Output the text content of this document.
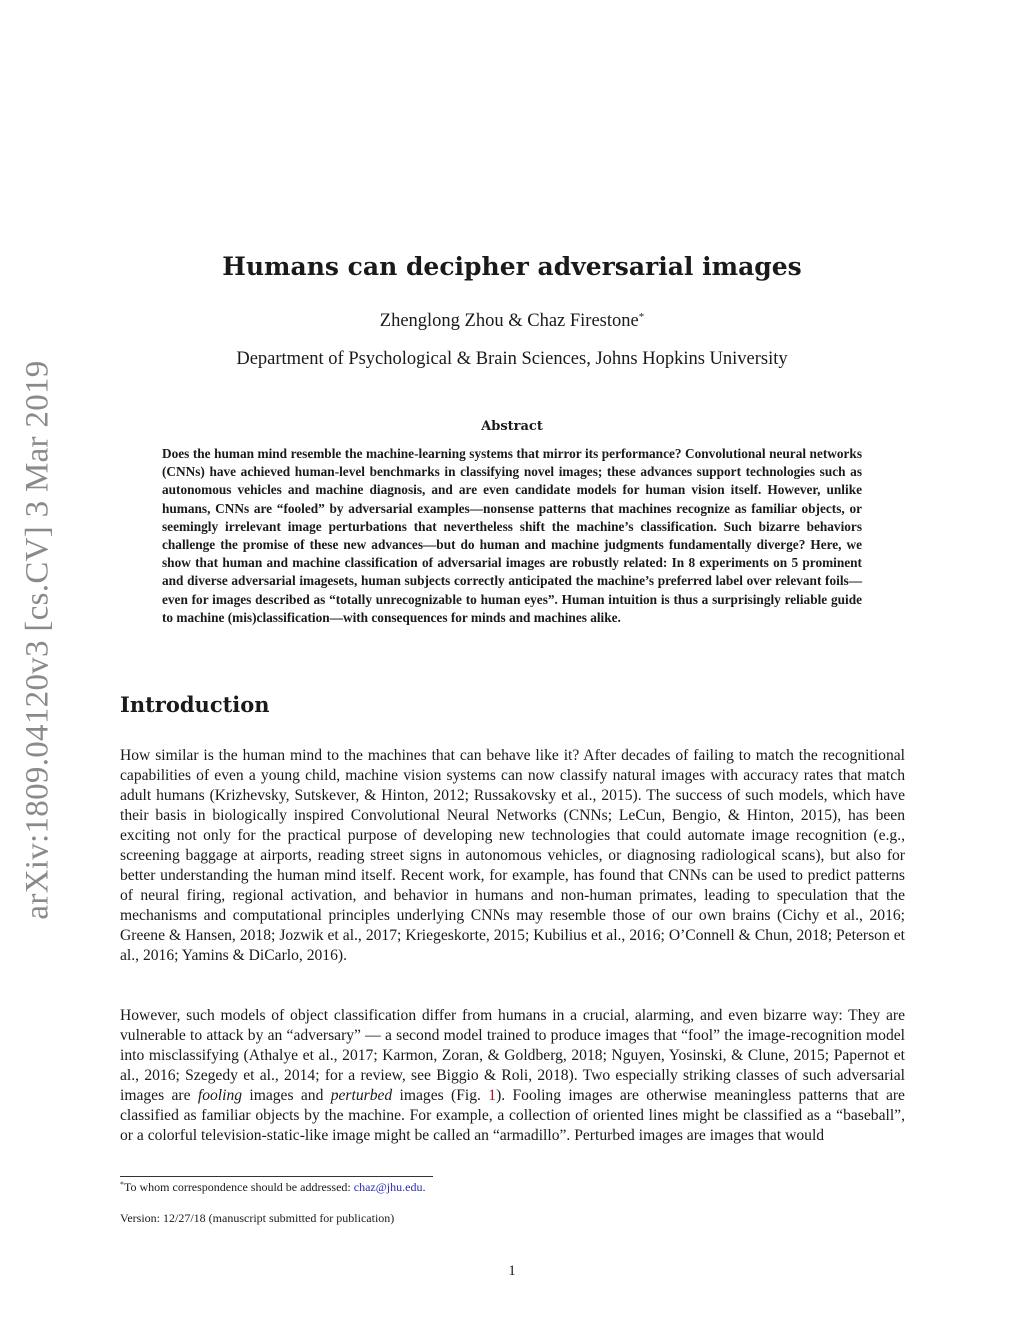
arXiv:1809.04120v3 [cs.CV] 3 Mar 2019
Humans can decipher adversarial images

Zhenglong Zhou & Chaz Firestone*

Department of Psychological & Brain Sciences, Johns Hopkins University

Abstract

Does the human mind resemble the machine-learning systems that mirror its performance? Convolutional neural networks (CNNs) have achieved human-level benchmarks in classifying novel images; these advances support technologies such as autonomous vehicles and machine diagnosis, and are even candidate models for human vision itself. However, unlike humans, CNNs are “fooled” by adversarial examples—nonsense patterns that machines recognize as familiar objects, or seemingly irrelevant image perturbations that nevertheless shift the machine’s classification. Such bizarre behaviors challenge the promise of these new advances—but do human and machine judgments fundamentally diverge? Here, we show that human and machine classification of adversarial images are robustly related: In 8 experiments on 5 prominent and diverse adversarial imagesets, human subjects correctly anticipated the machine’s preferred label over relevant foils—even for images described as “totally unrecognizable to human eyes”. Human intuition is thus a surprisingly reliable guide to machine (mis)classification—with consequences for minds and machines alike.

Introduction

How similar is the human mind to the machines that can behave like it? After decades of failing to match the recognitional capabilities of even a young child, machine vision systems can now classify natural images with accuracy rates that match adult humans (Krizhevsky, Sutskever, & Hinton, 2012; Russakovsky et al., 2015). The success of such models, which have their basis in biologically inspired Convolutional Neural Networks (CNNs; LeCun, Bengio, & Hinton, 2015), has been exciting not only for the practical purpose of developing new technologies that could automate image recognition (e.g., screening baggage at airports, reading street signs in autonomous vehicles, or diagnosing radiological scans), but also for better understanding the human mind itself. Recent work, for example, has found that CNNs can be used to predict patterns of neural firing, regional activation, and behavior in humans and non-human primates, leading to speculation that the mechanisms and computational principles underlying CNNs may resemble those of our own brains (Cichy et al., 2016; Greene & Hansen, 2018; Jozwik et al., 2017; Kriegeskorte, 2015; Kubilius et al., 2016; O’Connell & Chun, 2018; Peterson et al., 2016; Yamins & DiCarlo, 2016).

However, such models of object classification differ from humans in a crucial, alarming, and even bizarre way: They are vulnerable to attack by an “adversary” — a second model trained to produce images that “fool” the image-recognition model into misclassifying (Athalye et al., 2017; Karmon, Zoran, & Goldberg, 2018; Nguyen, Yosinski, & Clune, 2015; Papernot et al., 2016; Szegedy et al., 2014; for a review, see Biggio & Roli, 2018). Two especially striking classes of such adversarial images are fooling images and perturbed images (Fig. 1). Fooling images are otherwise meaningless patterns that are classified as familiar objects by the machine. For example, a collection of oriented lines might be classified as a “baseball”, or a colorful television-static-like image might be called an “armadillo”. Perturbed images are images that would

*To whom correspondence should be addressed: chaz@jhu.edu.

Version: 12/27/18 (manuscript submitted for publication)

1
